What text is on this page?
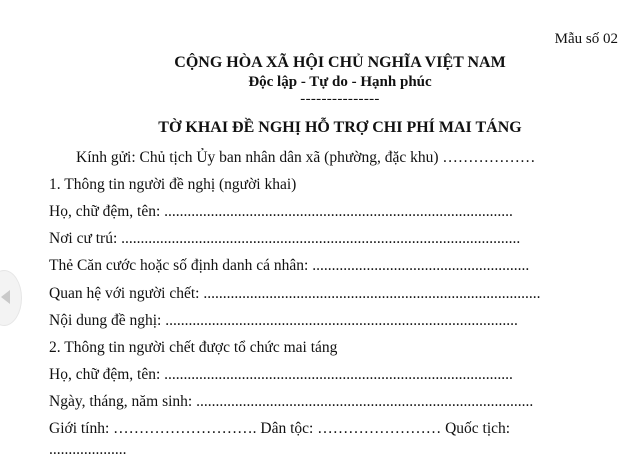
Mẫu số 02
CỘNG HÒA XÃ HỘI CHỦ NGHĨA VIỆT NAM
Độc lập - Tự do - Hạnh phúc
---------------
TỜ KHAI ĐỀ NGHỊ HỖ TRỢ CHI PHÍ MAI TÁNG
Kính gửi: Chủ tịch Ủy ban nhân dân xã (phường, đặc khu) ………………
1. Thông tin người đề nghị (người khai)
Họ, chữ đệm, tên: ..........................................................................................
Nơi cư trú: .......................................................................................................
Thẻ Căn cước hoặc số định danh cá nhân: ........................................................
Quan hệ với người chết: .......................................................................................
Nội dung đề nghị: ...........................................................................................
2. Thông tin người chết được tổ chức mai táng
Họ, chữ đệm, tên: ..........................................................................................
Ngày, tháng, năm sinh: .......................................................................................
Giới tính: ………………………. Dân tộc: …………………… Quốc tịch:
....................
